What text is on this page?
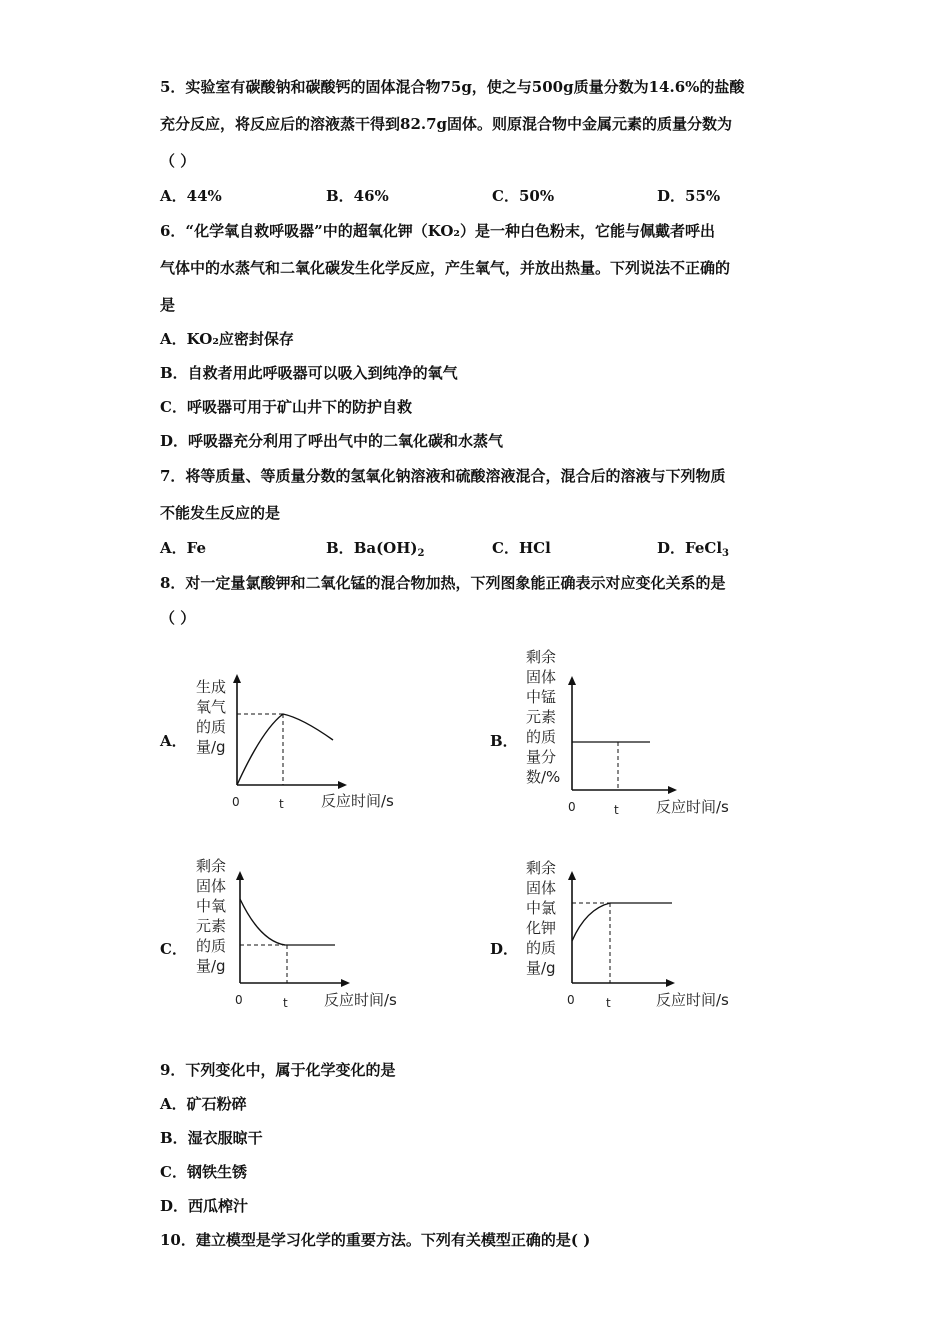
5．实验室有碳酸钠和碳酸钙的固体混合物75g，使之与500g质量分数为14.6%的盐酸
充分反应，将反应后的溶液蒸干得到82.7g固体。则原混合物中金属元素的质量分数为
（ ）
A．44%	B．46%	C．50%	D．55%
6．“化学氧自救呼吸器”中的超氧化钾（KO₂）是一种白色粉末，它能与佩戴者呼出
气体中的水蒸气和二氧化碳发生化学反应，产生氧气，并放出热量。下列说法不正确的
是
A．KO₂应密封保存
B．自救者用此呼吸器可以吸入到纯净的氧气
C．呼吸器可用于矿山井下的防护自救
D．呼吸器充分利用了呼出气中的二氧化碳和水蒸气
7．将等质量、等质量分数的氢氧化钠溶液和硫酸溶液混合，混合后的溶液与下列物质
不能发生反应的是
A．Fe	B．$Ba(OH)_2$	C．HCl	D．FeCl$_3$
8．对一定量氯酸钾和二氧化锰的混合物加热，下列图象能正确表示对应变化关系的是
（ ）
A．
生成
氧气
的质
量/g
0	t 反应时间/s
B．
剩余
固体
中锰
元素
的质
量分
数/%
0	t 反应时间/s
C．
剩余
固体
中氧
元素
的质
量/g
0	t 反应时间/s
D．
剩余
固体
中氯
化钾
的质
量/g
0	t	反应时间/s
9．下列变化中，属于化学变化的是
A．矿石粉碎
B．湿衣服晾干
C．钢铁生锈
D．西瓜榨汁
10．建立模型是学习化学的重要方法。下列有关模型正确的是( )
